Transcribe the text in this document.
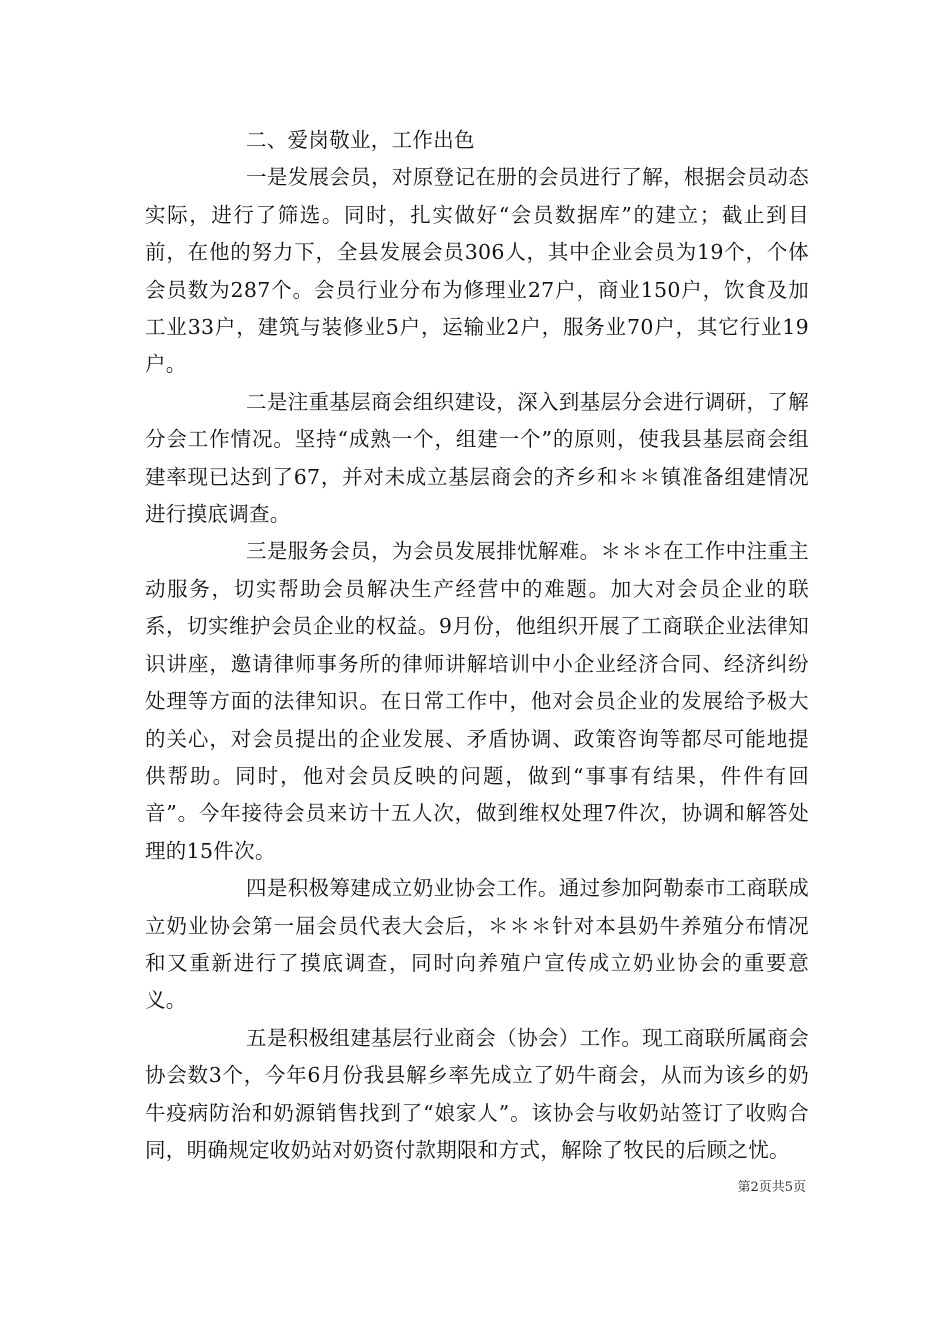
二、爱岗敬业，工作出色

一是发展会员，对原登记在册的会员进行了解，根据会员动态实际，进行了筛选。同时，扎实做好“会员数据库”的建立；截止到目前，在他的努力下，全县发展会员306人，其中企业会员为19个，个体会员数为287个。会员行业分布为修理业27户，商业150户，饮食及加工业33户，建筑与装修业5户，运输业2户，服务业70户，其它行业19户。

二是注重基层商会组织建设，深入到基层分会进行调研，了解分会工作情况。坚持“成熟一个，组建一个”的原则，使我县基层商会组建率现已达到了67，并对未成立基层商会的齐乡和＊＊镇准备组建情况进行摸底调查。

三是服务会员，为会员发展排忧解难。＊＊＊在工作中注重主动服务，切实帮助会员解决生产经营中的难题。加大对会员企业的联系，切实维护会员企业的权益。9月份，他组织开展了工商联企业法律知识讲座，邀请律师事务所的律师讲解培训中小企业经济合同、经济纠纷处理等方面的法律知识。在日常工作中，他对会员企业的发展给予极大的关心，对会员提出的企业发展、矛盾协调、政策咨询等都尽可能地提供帮助。同时，他对会员反映的问题，做到“事事有结果，件件有回音”。今年接待会员来访十五人次，做到维权处理7件次，协调和解答处理的15件次。

四是积极筹建成立奶业协会工作。通过参加阿勒泰市工商联成立奶业协会第一届会员代表大会后，＊＊＊针对本县奶牛养殖分布情况和又重新进行了摸底调查，同时向养殖户宣传成立奶业协会的重要意义。

五是积极组建基层行业商会（协会）工作。现工商联所属商会协会数3个，今年6月份我县解乡率先成立了奶牛商会，从而为该乡的奶牛疫病防治和奶源销售找到了“娘家人”。该协会与收奶站签订了收购合同，明确规定收奶站对奶资付款期限和方式，解除了牧民的后顾之忧。

第2页共5页
